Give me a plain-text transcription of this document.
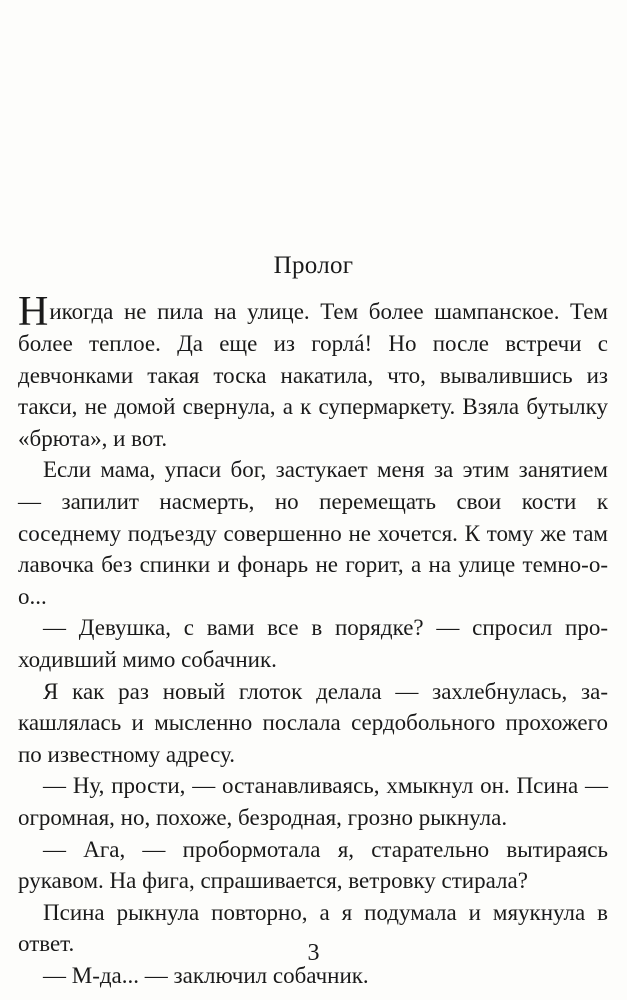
Пролог

Никогда не пила на улице. Тем более шампанское. Тем более теплое. Да еще из горлá! Но после встречи с девчонками такая тоска накатила, что, вывалившись из такси, не домой свернула, а к супермаркету. Взяла бутылку «брюта», и вот.

Если мама, упаси бог, застукает меня за этим занятием — запилит насмерть, но перемещать свои кости к соседнему подъезду совершенно не хочется. К тому же там лавочка без спинки и фонарь не горит, а на улице темно-о-о...

— Девушка, с вами все в порядке? — спросил проходивший мимо собачник.

Я как раз новый глоток делала — захлебнулась, закашлялась и мысленно послала сердобольного прохожего по известному адресу.

— Ну, прости, — останавливаясь, хмыкнул он. Псина — огромная, но, похоже, безродная, грозно рыкнула.

— Ага, — пробормотала я, старательно вытираясь рукавом. На фига, спрашивается, ветровку стирала?

Псина рыкнула повторно, а я подумала и мяукнула в ответ.

— М-да... — заключил собачник.

3
